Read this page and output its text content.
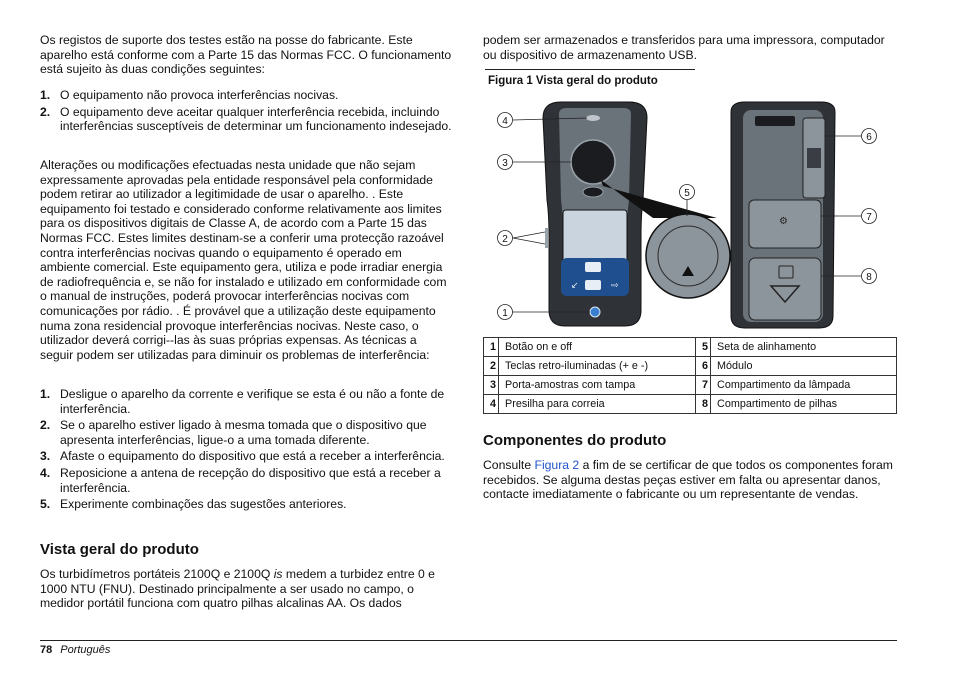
Os registos de suporte dos testes estão na posse do fabricante. Este aparelho está conforme com a Parte 15 das Normas FCC. O funcionamento está sujeito às duas condições seguintes:

1. O equipamento não provoca interferências nocivas.
2. O equipamento deve aceitar qualquer interferência recebida, incluindo interferências susceptíveis de determinar um funcionamento indesejado.

Alterações ou modificações efectuadas nesta unidade que não sejam expressamente aprovadas pela entidade responsável pela conformidade podem retirar ao utilizador a legitimidade de usar o aparelho. . Este equipamento foi testado e considerado conforme relativamente aos limites para os dispositivos digitais de Classe A, de acordo com a Parte 15 das Normas FCC. Estes limites destinam-se a conferir uma protecção razoável contra interferências nocivas quando o equipamento é operado em ambiente comercial. Este equipamento gera, utiliza e pode irradiar energia de radiofrequência e, se não for instalado e utilizado em conformidade com o manual de instruções, poderá provocar interferências nocivas com comunicações por rádio. . É provável que a utilização deste equipamento numa zona residencial provoque interferências nocivas. Neste caso, o utilizador deverá corrigi--las às suas próprias expensas. As técnicas a seguir podem ser utilizadas para diminuir os problemas de interferência:

1. Desligue o aparelho da corrente e verifique se esta é ou não a fonte de interferência.
2. Se o aparelho estiver ligado à mesma tomada que o dispositivo que apresenta interferências, ligue-o a uma tomada diferente.
3. Afaste o equipamento do dispositivo que está a receber a interferência.
4. Reposicione a antena de recepção do dispositivo que está a receber a interferência.
5. Experimente combinações das sugestões anteriores.
Vista geral do produto

Os turbidímetros portáteis 2100Q e 2100Q is medem a turbidez entre 0 e 1000 NTU (FNU). Destinado principalmente a ser usado no campo, o medidor portátil funciona com quatro pilhas alcalinas AA. Os dados

podem ser armazenados e transferidos para uma impressora, computador ou dispositivo de armazenamento USB.

Figura 1 Vista geral do produto
↙	⇨
⚙
4
3
2
1
5
6
7
8
1	Botão on e off	5	Seta de alinhamento
2	Teclas retro-iluminadas (+ e -)	6	Módulo
3	Porta-amostras com tampa	7	Compartimento da lâmpada
4	Presilha para correia	8	Compartimento de pilhas
Componentes do produto

Consulte Figura 2 a fim de se certificar de que todos os componentes foram recebidos. Se alguma destas peças estiver em falta ou apresentar danos, contacte imediatamente o fabricante ou um representante de vendas.

78 Português
